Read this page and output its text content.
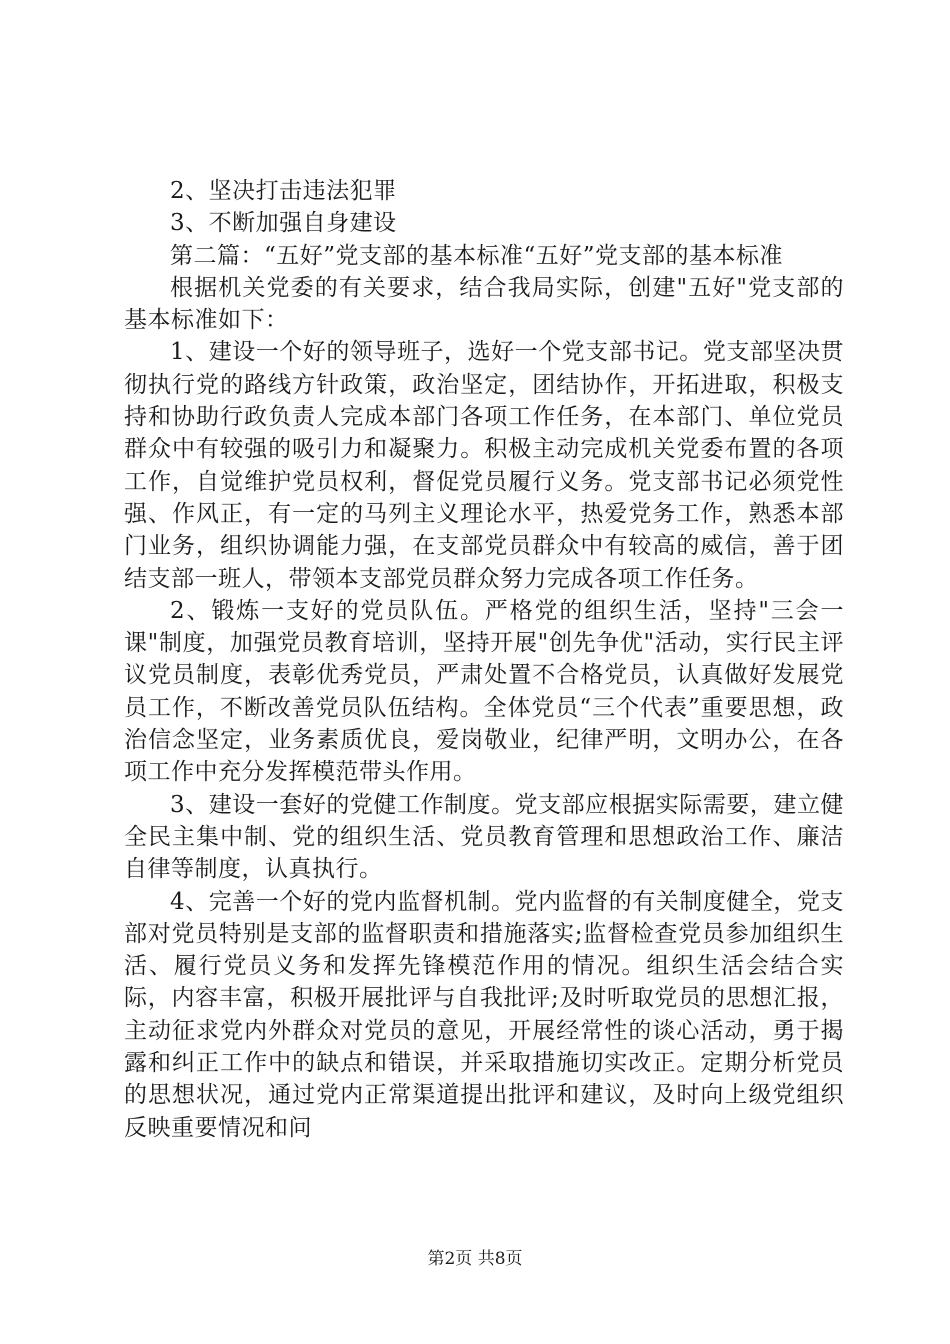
2、坚决打击违法犯罪

3、不断加强自身建设

第二篇：“五好”党支部的基本标准“五好”党支部的基本标准

根据机关党委的有关要求，结合我局实际，创建"五好"党支部的基本标准如下：

1、建设一个好的领导班子，选好一个党支部书记。党支部坚决贯彻执行党的路线方针政策，政治坚定，团结协作，开拓进取，积极支持和协助行政负责人完成本部门各项工作任务，在本部门、单位党员群众中有较强的吸引力和凝聚力。积极主动完成机关党委布置的各项工作，自觉维护党员权利，督促党员履行义务。党支部书记必须党性强、作风正，有一定的马列主义理论水平，热爱党务工作，熟悉本部门业务，组织协调能力强，在支部党员群众中有较高的威信，善于团结支部一班人，带领本支部党员群众努力完成各项工作任务。

2、锻炼一支好的党员队伍。严格党的组织生活，坚持"三会一课"制度，加强党员教育培训，坚持开展"创先争优"活动，实行民主评议党员制度，表彰优秀党员，严肃处置不合格党员，认真做好发展党员工作，不断改善党员队伍结构。全体党员“三个代表”重要思想，政治信念坚定，业务素质优良，爱岗敬业，纪律严明，文明办公，在各项工作中充分发挥模范带头作用。

3、建设一套好的党健工作制度。党支部应根据实际需要，建立健全民主集中制、党的组织生活、党员教育管理和思想政治工作、廉洁自律等制度，认真执行。

4、完善一个好的党内监督机制。党内监督的有关制度健全，党支部对党员特别是支部的监督职责和措施落实;监督检查党员参加组织生活、履行党员义务和发挥先锋模范作用的情况。组织生活会结合实际，内容丰富，积极开展批评与自我批评;及时听取党员的思想汇报，主动征求党内外群众对党员的意见，开展经常性的谈心活动，勇于揭露和纠正工作中的缺点和错误，并采取措施切实改正。定期分析党员的思想状况，通过党内正常渠道提出批评和建议，及时向上级党组织反映重要情况和问

第2页 共8页
